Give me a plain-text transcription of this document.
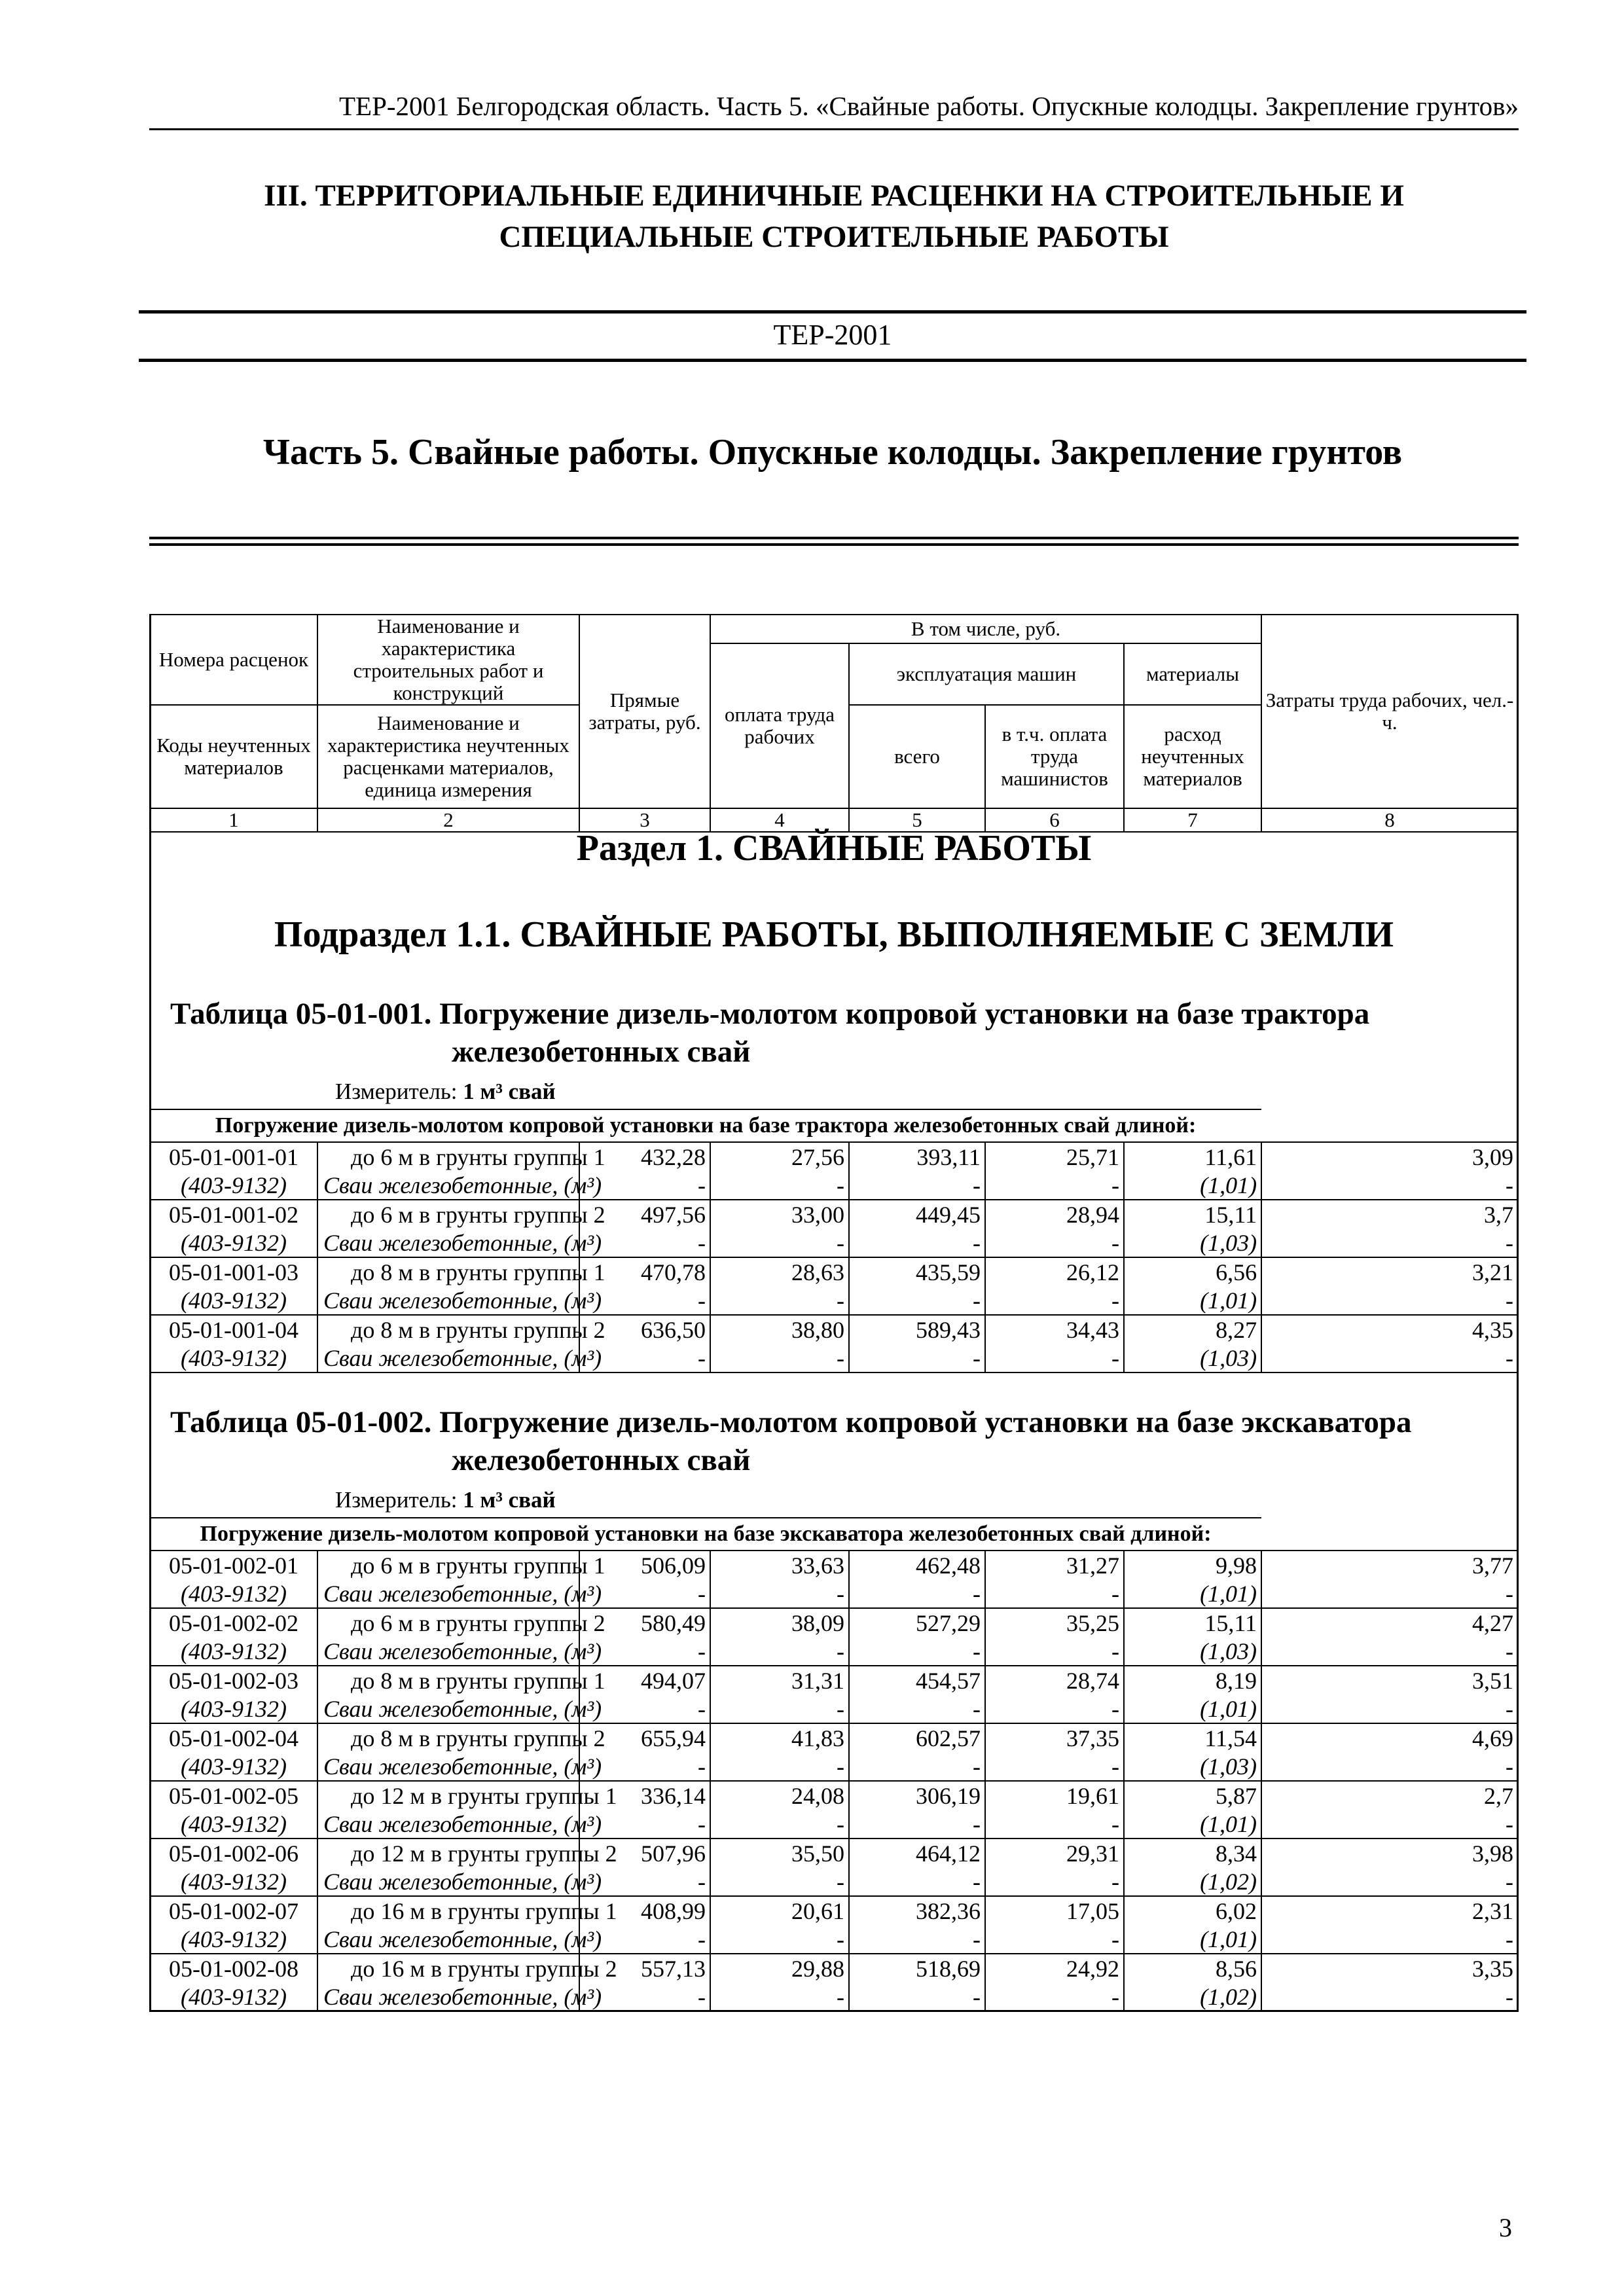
ТЕР-2001 Белгородская область. Часть 5. «Свайные работы. Опускные колодцы. Закрепление грунтов»
III. ТЕРРИТОРИАЛЬНЫЕ ЕДИНИЧНЫЕ РАСЦЕНКИ НА СТРОИТЕЛЬНЫЕ И
СПЕЦИАЛЬНЫЕ СТРОИТЕЛЬНЫЕ РАБОТЫ
ТЕР-2001
Часть 5. Свайные работы. Опускные колодцы. Закрепление грунтов
Номера расценок	Наименование и характеристика строительных работ и конструкций	Прямые затраты, руб.	В том числе, руб.				Затраты труда рабочих, чел.-ч.
			оплата труда рабочих	эксплуатация машин		материалы	
Коды неучтенных материалов	Наименование и характеристика неучтенных расценками материалов, единица измерения			всего	в т.ч. оплата труда машинистов	расход неучтенных материалов	
1	2	3	4	5	6	7	8
Раздел 1. СВАЙНЫЕ РАБОТЫ
Подраздел 1.1. СВАЙНЫЕ РАБОТЫ, ВЫПОЛНЯЕМЫЕ С ЗЕМЛИ
Таблица 05-01-001. Погружение дизель-молотом копровой установки на базе трактора
железобетонных свай
Измеритель: 1 м³ свай
Погружение дизель-молотом копровой установки на базе трактора железобетонных свай длиной:							
05-01-001-01	до 6 м в грунты группы 1	432,28	27,56	393,11	25,71	11,61	3,09
(403-9132)	Сваи железобетонные, (м³)	-	-	-	-	(1,01)	-
05-01-001-02	до 6 м в грунты группы 2	497,56	33,00	449,45	28,94	15,11	3,7
(403-9132)	Сваи железобетонные, (м³)	-	-	-	-	(1,03)	-
05-01-001-03	до 8 м в грунты группы 1	470,78	28,63	435,59	26,12	6,56	3,21
(403-9132)	Сваи железобетонные, (м³)	-	-	-	-	(1,01)	-
05-01-001-04	до 8 м в грунты группы 2	636,50	38,80	589,43	34,43	8,27	4,35
(403-9132)	Сваи железобетонные, (м³)	-	-	-	-	(1,03)	-
Таблица 05-01-002. Погружение дизель-молотом копровой установки на базе экскаватора
железобетонных свай
Измеритель: 1 м³ свай
Погружение дизель-молотом копровой установки на базе экскаватора железобетонных свай длиной:							
05-01-002-01	до 6 м в грунты группы 1	506,09	33,63	462,48	31,27	9,98	3,77
(403-9132)	Сваи железобетонные, (м³)	-	-	-	-	(1,01)	-
05-01-002-02	до 6 м в грунты группы 2	580,49	38,09	527,29	35,25	15,11	4,27
(403-9132)	Сваи железобетонные, (м³)	-	-	-	-	(1,03)	-
05-01-002-03	до 8 м в грунты группы 1	494,07	31,31	454,57	28,74	8,19	3,51
(403-9132)	Сваи железобетонные, (м³)	-	-	-	-	(1,01)	-
05-01-002-04	до 8 м в грунты группы 2	655,94	41,83	602,57	37,35	11,54	4,69
(403-9132)	Сваи железобетонные, (м³)	-	-	-	-	(1,03)	-
05-01-002-05	до 12 м в грунты группы 1	336,14	24,08	306,19	19,61	5,87	2,7
(403-9132)	Сваи железобетонные, (м³)	-	-	-	-	(1,01)	-
05-01-002-06	до 12 м в грунты группы 2	507,96	35,50	464,12	29,31	8,34	3,98
(403-9132)	Сваи железобетонные, (м³)	-	-	-	-	(1,02)	-
05-01-002-07	до 16 м в грунты группы 1	408,99	20,61	382,36	17,05	6,02	2,31
(403-9132)	Сваи железобетонные, (м³)	-	-	-	-	(1,01)	-
05-01-002-08	до 16 м в грунты группы 2	557,13	29,88	518,69	24,92	8,56	3,35
(403-9132)	Сваи железобетонные, (м³)	-	-	-	-	(1,02)	-
3
